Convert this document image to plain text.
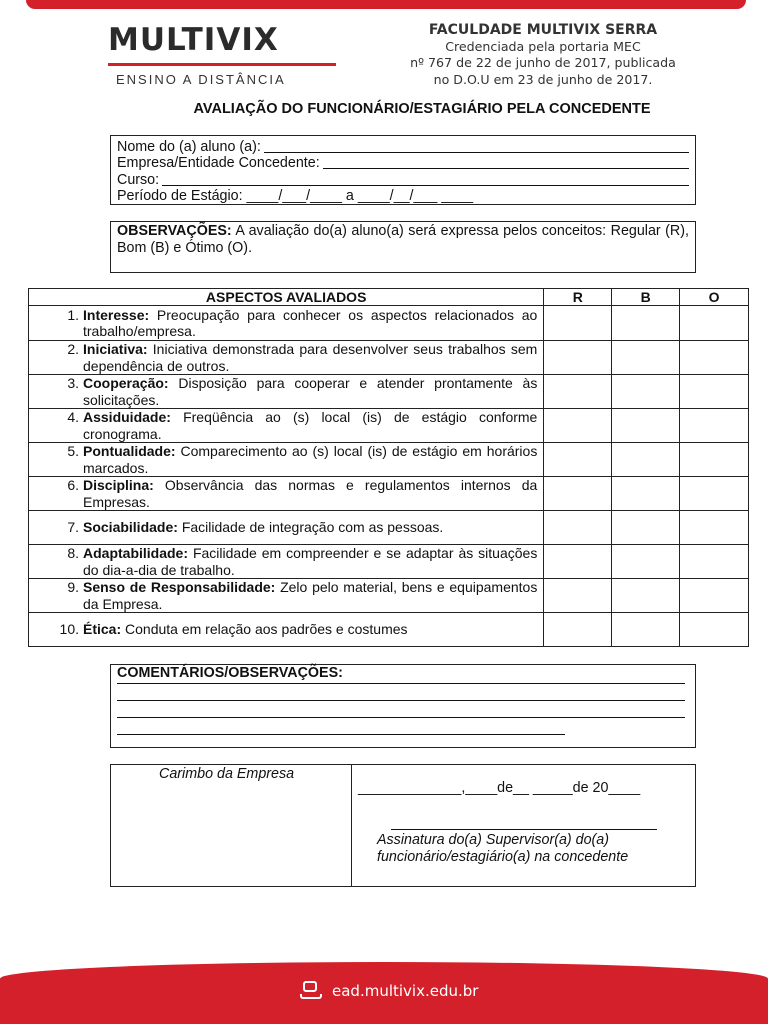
MULTIVIX
ENSINO A DISTÂNCIA
FACULDADE MULTIVIX SERRA
Credenciada pela portaria MEC
nº 767 de 22 de junho de 2017, publicada
no D.O.U em 23 de junho de 2017.
AVALIAÇÃO DO FUNCIONÁRIO/ESTAGIÁRIO PELA CONCEDENTE
Nome do (a) aluno (a):
Empresa/Entidade Concedente:
Curso:
Período de Estágio: ____/___/____ a ____/__/___ ____
OBSERVAÇÕES: A avaliação do(a) aluno(a) será expressa pelos conceitos: Regular (R), Bom (B) e Ótimo (O).
ASPECTOS AVALIADOS	R	B	O

1. Interesse: Preocupação para conhecer os aspectos relacionados ao trabalho/empresa.			

2. Iniciativa: Iniciativa demonstrada para desenvolver seus trabalhos sem dependência de outros.			

3. Cooperação: Disposição para cooperar e atender prontamente às solicitações.			

4. Assiduidade: Freqüência ao (s) local (is) de estágio conforme cronograma.			

5. Pontualidade: Comparecimento ao (s) local (is) de estágio em horários marcados.			

6. Disciplina: Observância das normas e regulamentos internos da Empresas.			

7. Sociabilidade: Facilidade de integração com as pessoas.			

8. Adaptabilidade: Facilidade em compreender e se adaptar às situações do dia-a-dia de trabalho.			

9. Senso de Responsabilidade: Zelo pelo material, bens e equipamentos da Empresa.			

10. Ética: Conduta em relação aos padrões e costumes			

COMENTÁRIOS/OBSERVAÇÕES:
Carimbo da Empresa
_____________,____de__ _____de 20____
Assinatura do(a) Supervisor(a) do(a)
funcionário/estagiário(a) na concedente
ead.multivix.edu.br
